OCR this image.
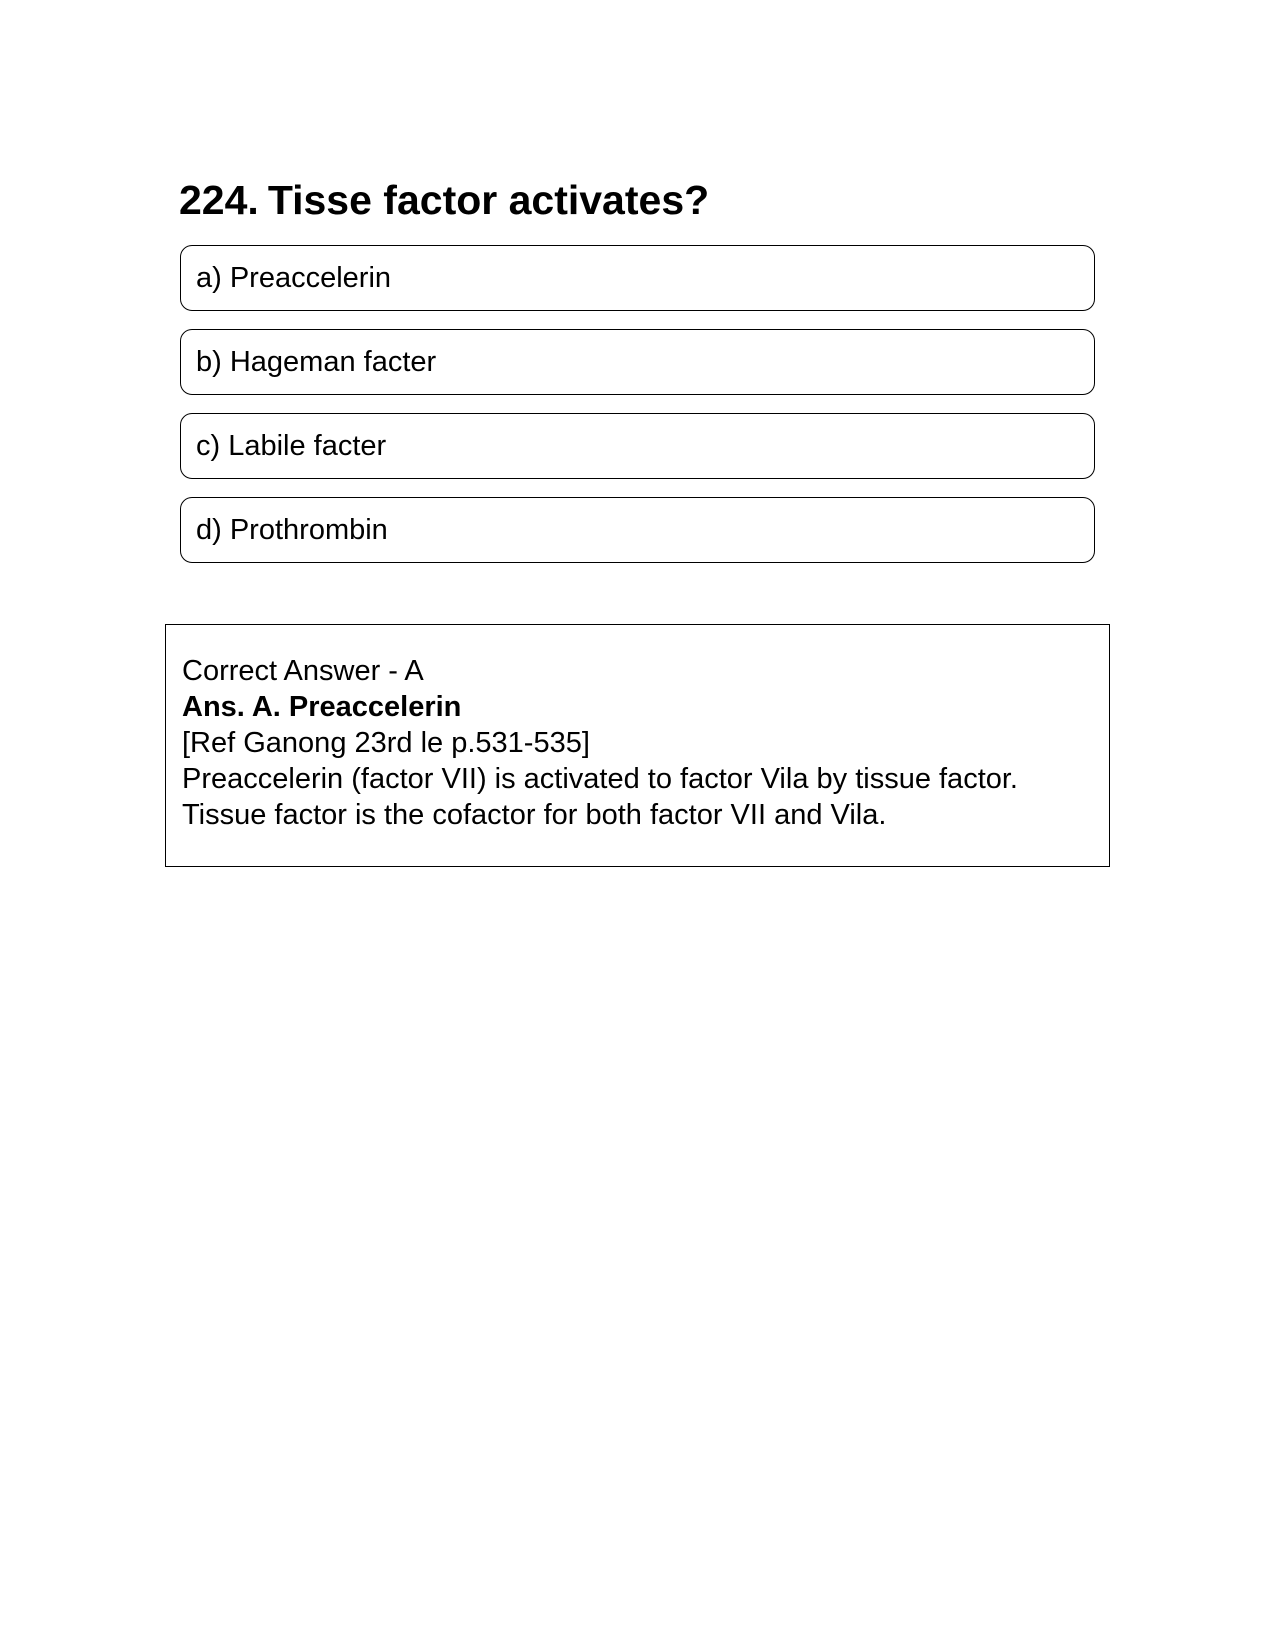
224. Tisse factor activates?
a) Preaccelerin
b) Hageman facter
c) Labile facter
d) Prothrombin
Correct Answer - A
Ans. A. Preaccelerin
[Ref Ganong 23rd le p.531-535]
Preaccelerin (factor VII) is activated to factor Vila by tissue factor.
Tissue factor is the cofactor for both factor VII and Vila.
